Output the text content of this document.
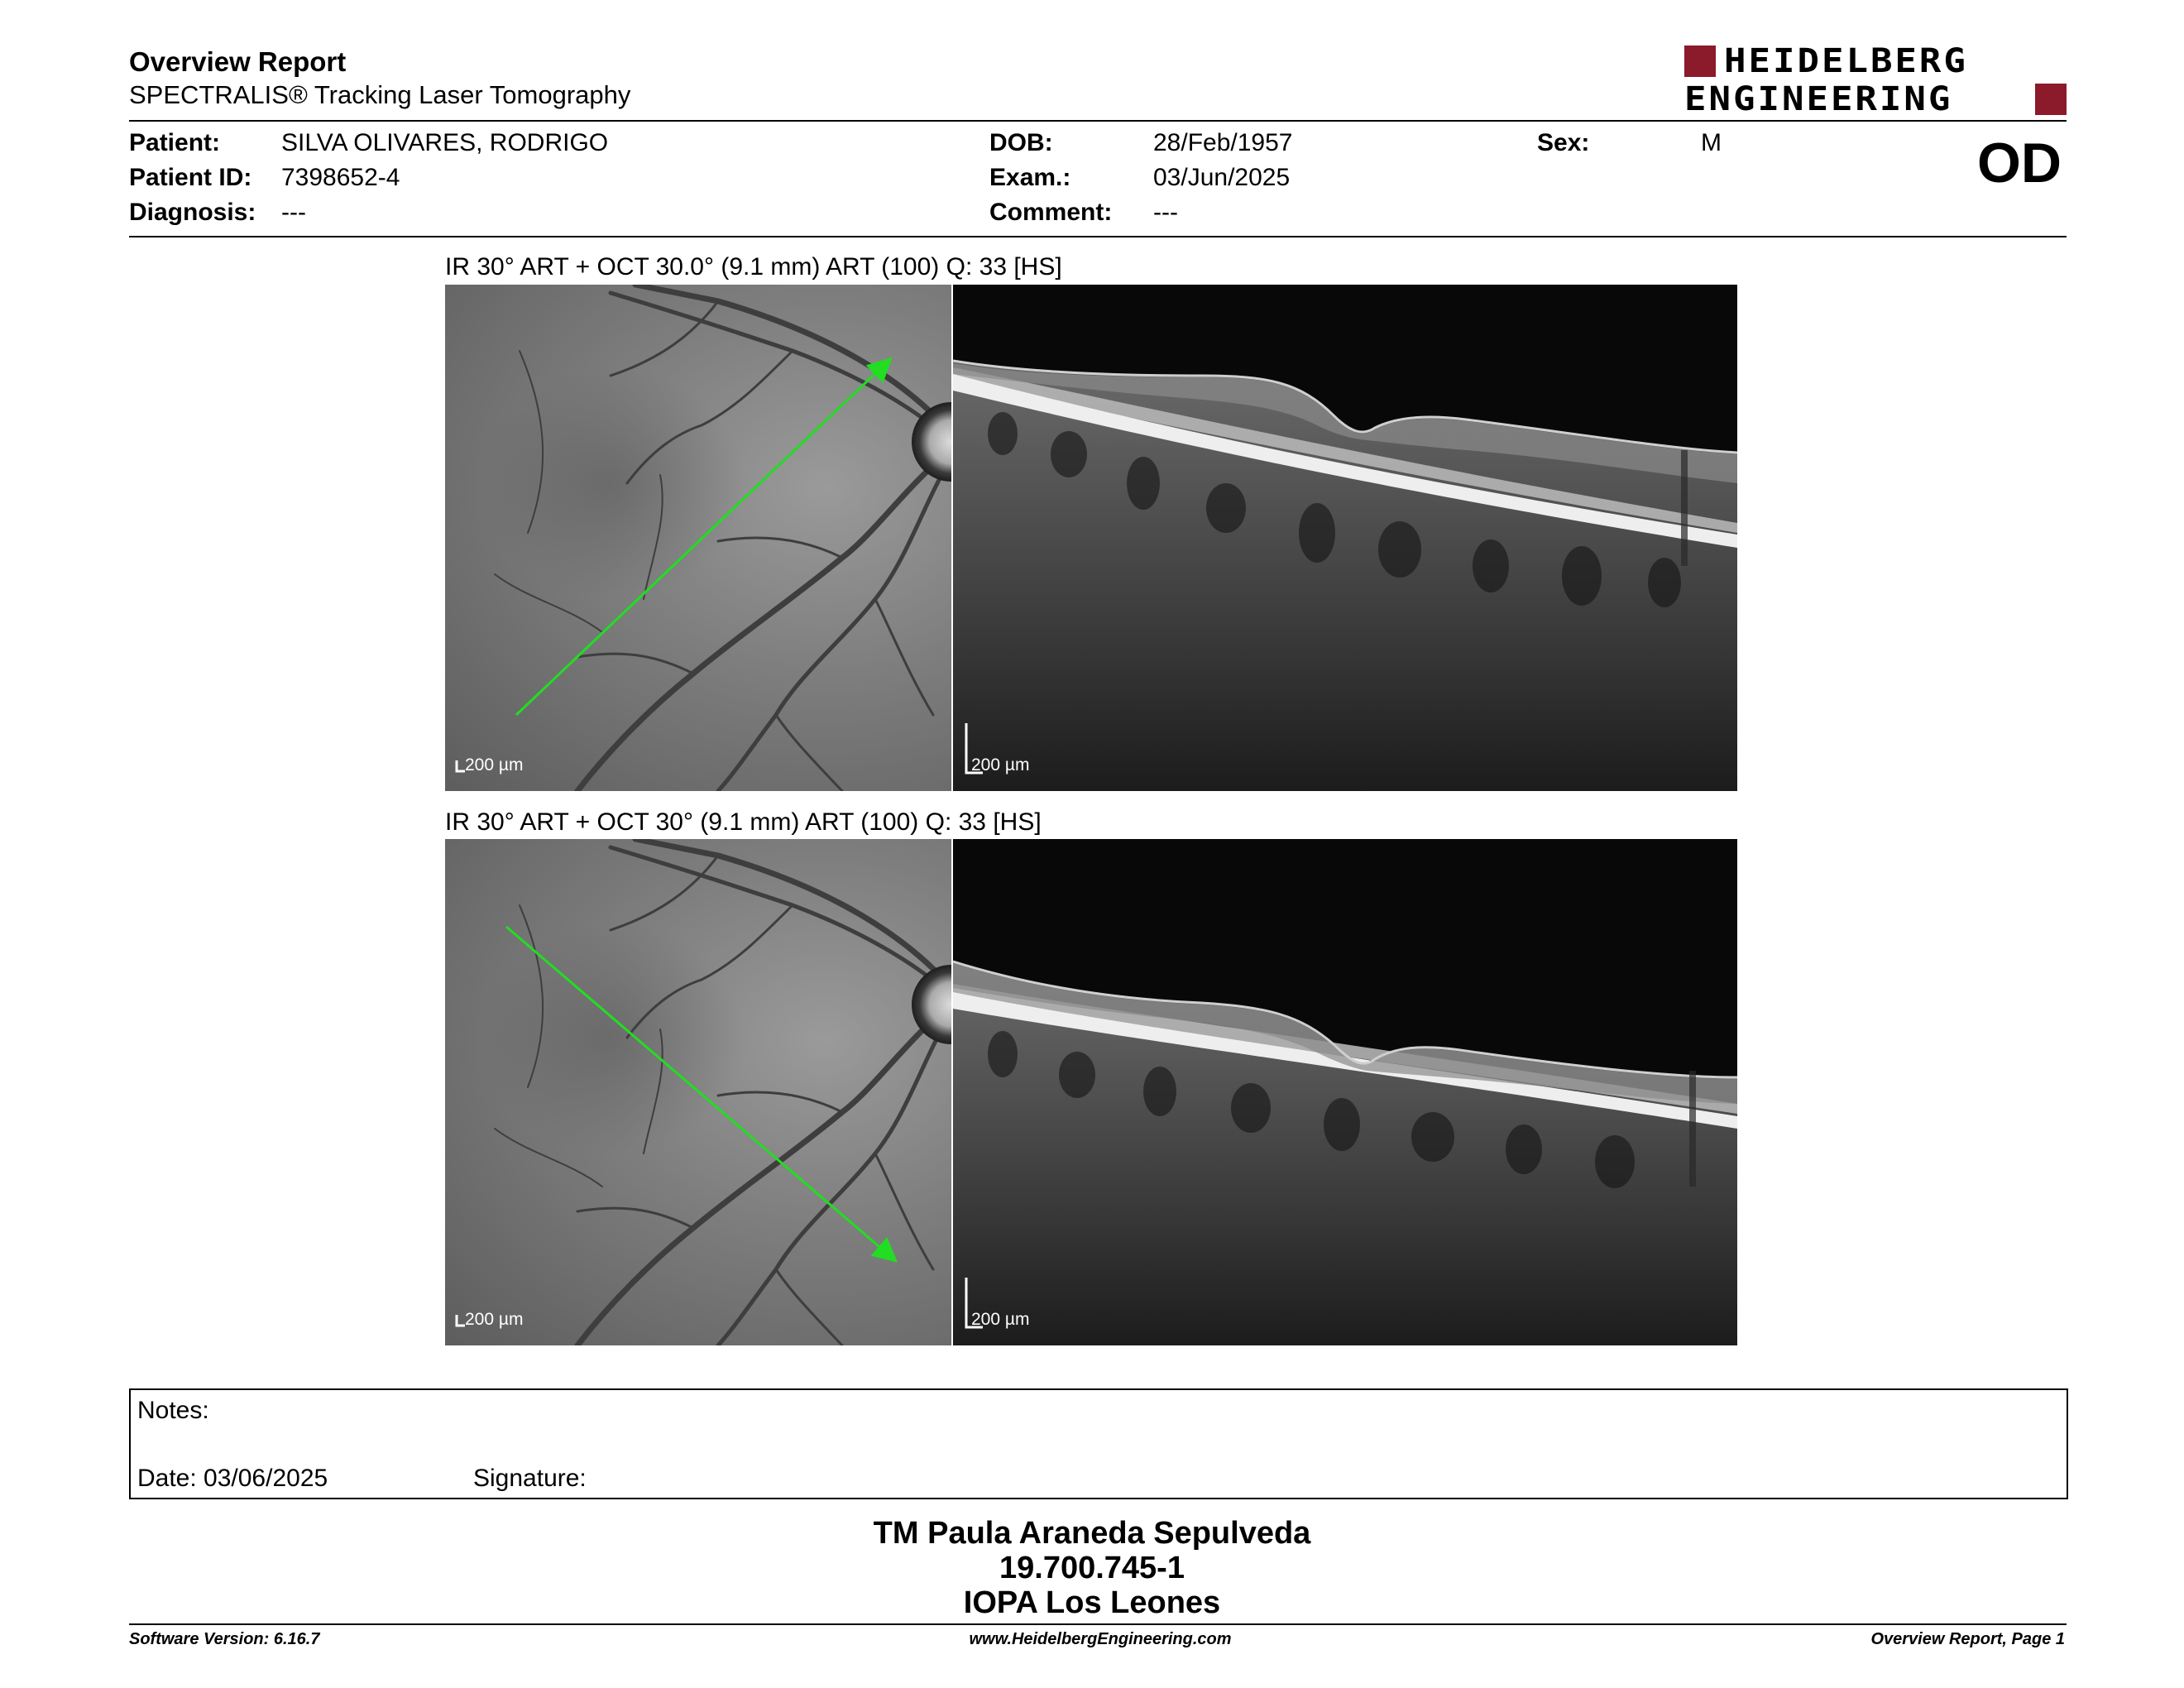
Overview Report
SPECTRALIS® Tracking Laser Tomography
HEIDELBERG
ENGINEERING
Patient: SILVA OLIVARES, RODRIGO
Patient ID: 7398652-4
Diagnosis: ---
DOB:	28/Feb/1957
Exam.:	03/Jun/2025
Comment: ---
Sex:	M	OD
IR 30° ART + OCT 30.0° (9.1 mm) ART (100) Q: 33 [HS]
200 µm	200 µm
IR 30° ART + OCT 30° (9.1 mm) ART (100) Q: 33 [HS]
200 µm	200 µm
Notes:
Date: 03/06/2025	Signature:
TM Paula Araneda Sepulveda
19.700.745-1
IOPA Los Leones
Software Version: 6.16.7	www.HeidelbergEngineering.com	Overview Report, Page 1
